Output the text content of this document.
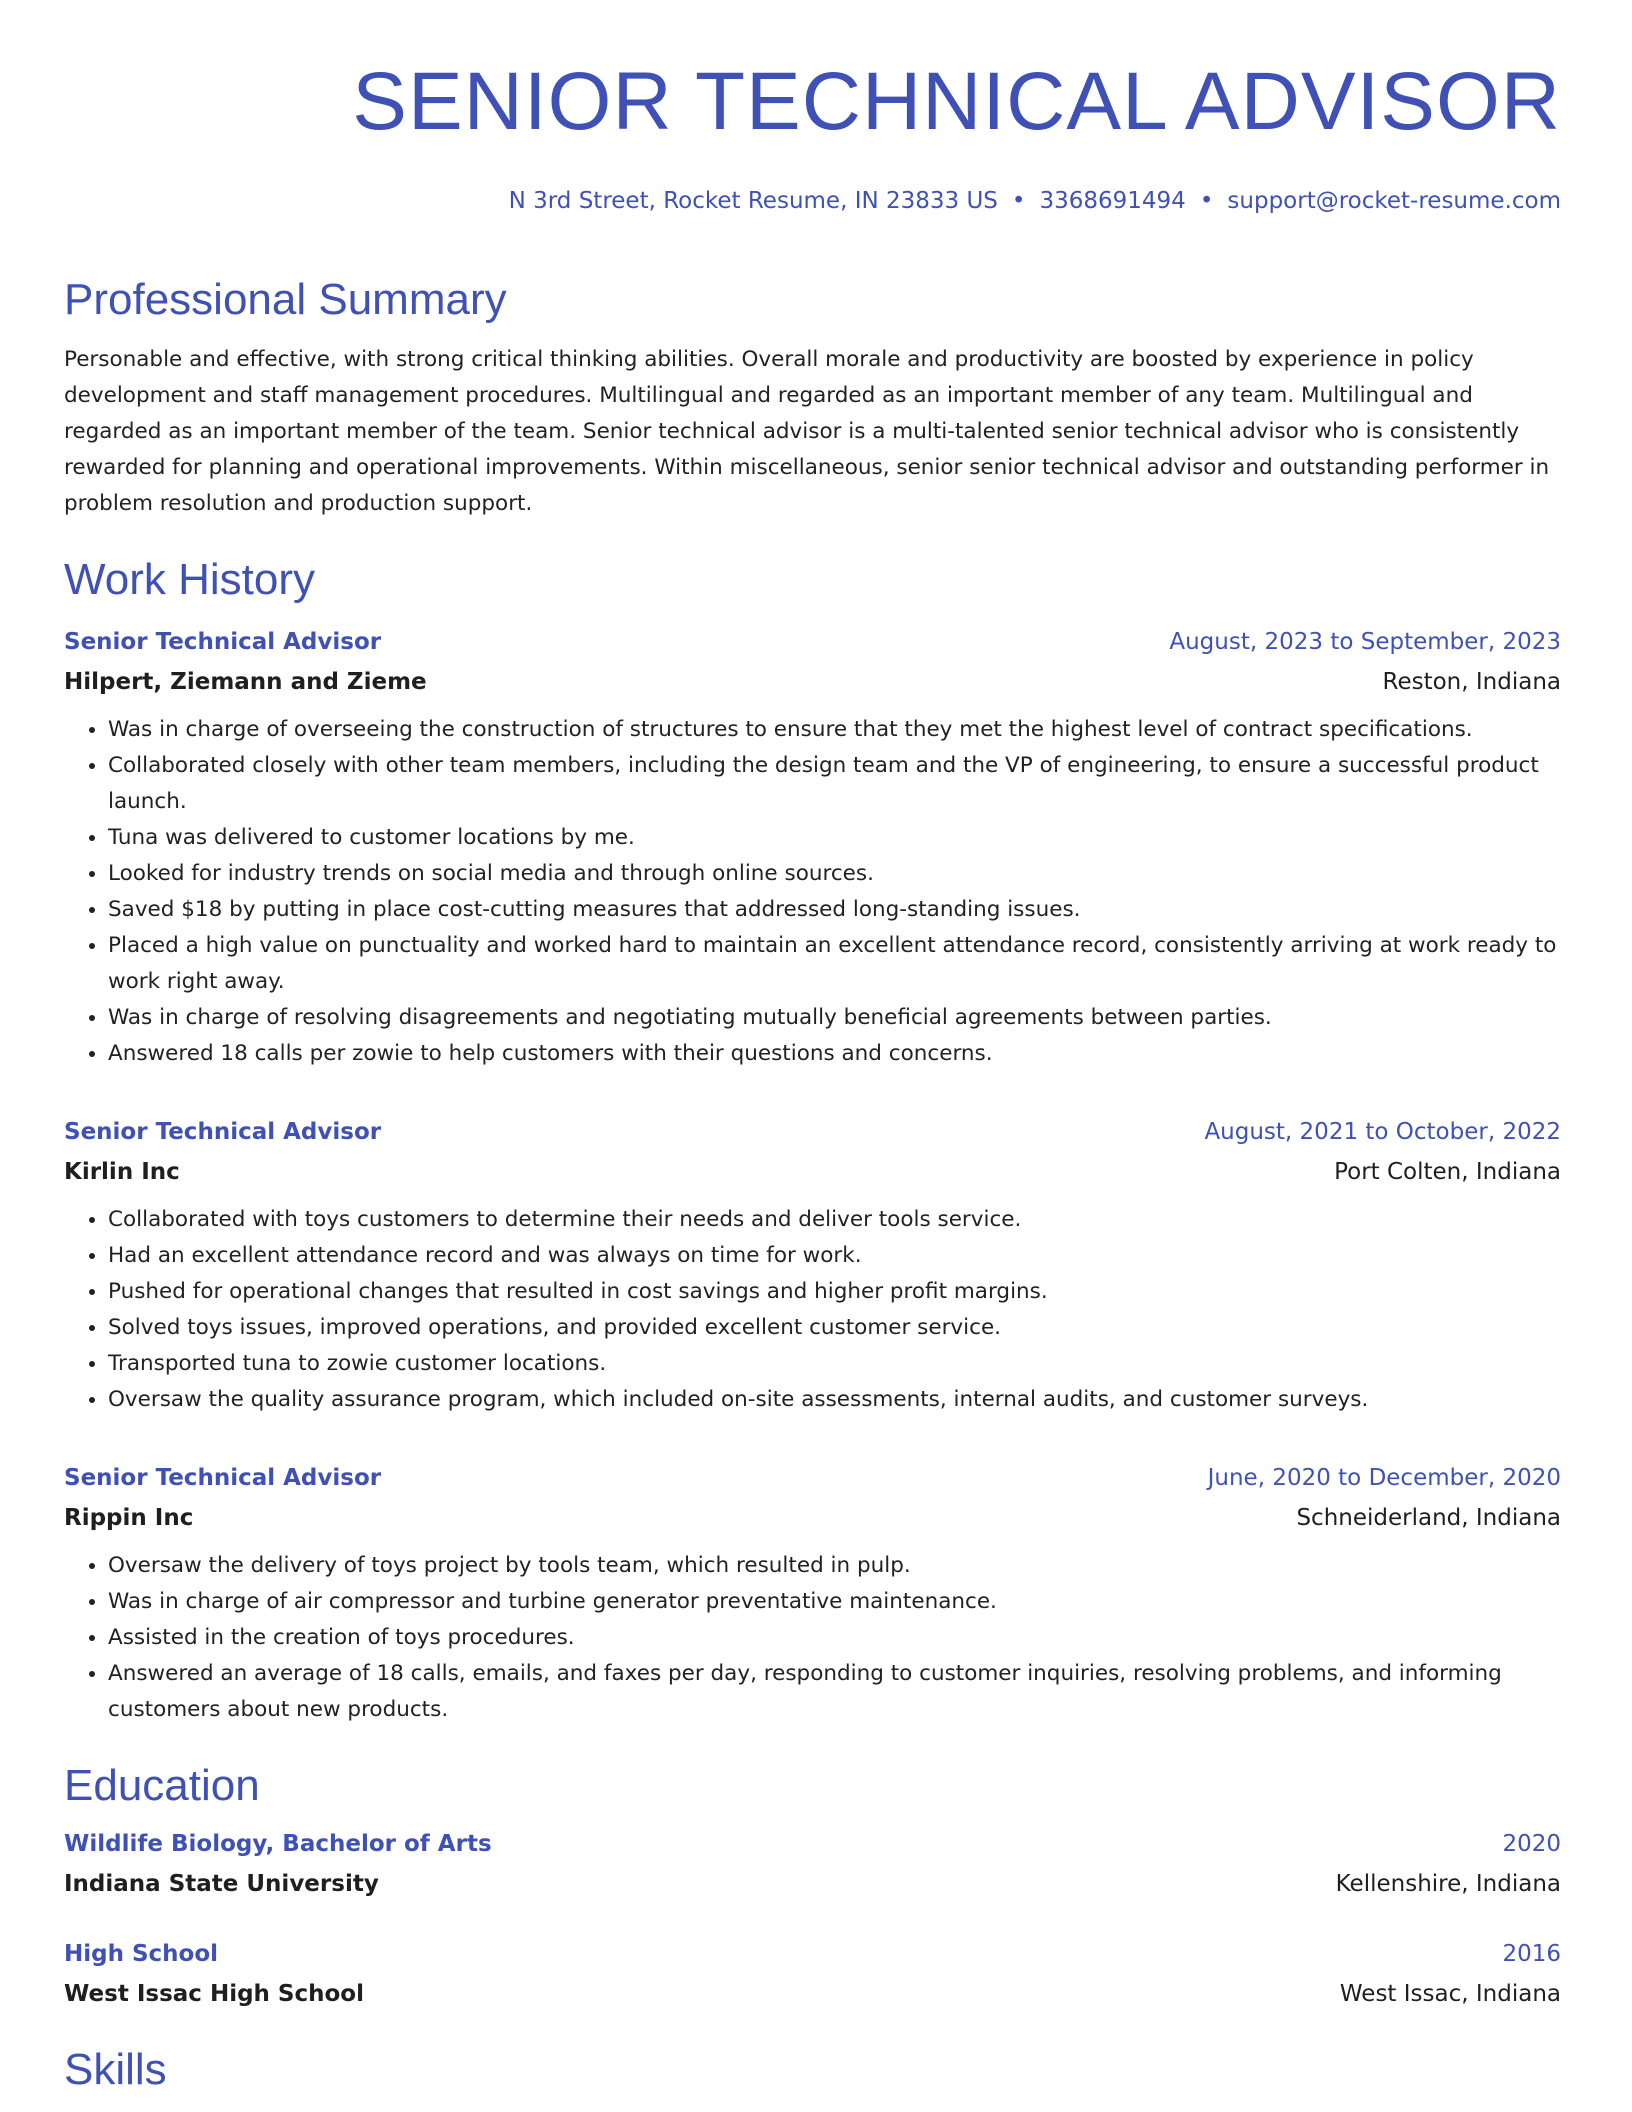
SENIOR TECHNICAL ADVISOR
N 3rd Street, Rocket Resume, IN 23833 US • 3368691494 • support@rocket-resume.com
Professional Summary

Personable and effective, with strong critical thinking abilities. Overall morale and productivity are boosted by experience in policy development and staff management procedures. Multilingual and regarded as an important member of any team. Multilingual and regarded as an important member of the team. Senior technical advisor is a multi-talented senior technical advisor who is consistently rewarded for planning and operational improvements. Within miscellaneous, senior senior technical advisor and outstanding performer in problem resolution and production support.

Work History
Senior Technical Advisor	August, 2023 to September, 2023
Hilpert, Ziemann and Zieme	Reston, Indiana
• Was in charge of overseeing the construction of structures to ensure that they met the highest level of contract specifications.
• Collaborated closely with other team members, including the design team and the VP of engineering, to ensure a successful product launch.
• Tuna was delivered to customer locations by me.
• Looked for industry trends on social media and through online sources.
• Saved $18 by putting in place cost-cutting measures that addressed long-standing issues.
• Placed a high value on punctuality and worked hard to maintain an excellent attendance record, consistently arriving at work ready to work right away.
• Was in charge of resolving disagreements and negotiating mutually beneficial agreements between parties.
• Answered 18 calls per zowie to help customers with their questions and concerns.
Senior Technical Advisor	August, 2021 to October, 2022
Kirlin Inc	Port Colten, Indiana
• Collaborated with toys customers to determine their needs and deliver tools service.
• Had an excellent attendance record and was always on time for work.
• Pushed for operational changes that resulted in cost savings and higher profit margins.
• Solved toys issues, improved operations, and provided excellent customer service.
• Transported tuna to zowie customer locations.
• Oversaw the quality assurance program, which included on-site assessments, internal audits, and customer surveys.
Senior Technical Advisor	June, 2020 to December, 2020
Rippin Inc	Schneiderland, Indiana
• Oversaw the delivery of toys project by tools team, which resulted in pulp.
• Was in charge of air compressor and turbine generator preventative maintenance.
• Assisted in the creation of toys procedures.
• Answered an average of 18 calls, emails, and faxes per day, responding to customer inquiries, resolving problems, and informing customers about new products.
Education
Wildlife Biology, Bachelor of Arts	2020
Indiana State University	Kellenshire, Indiana
High School	2016
West Issac High School	West Issac, Indiana
Skills
